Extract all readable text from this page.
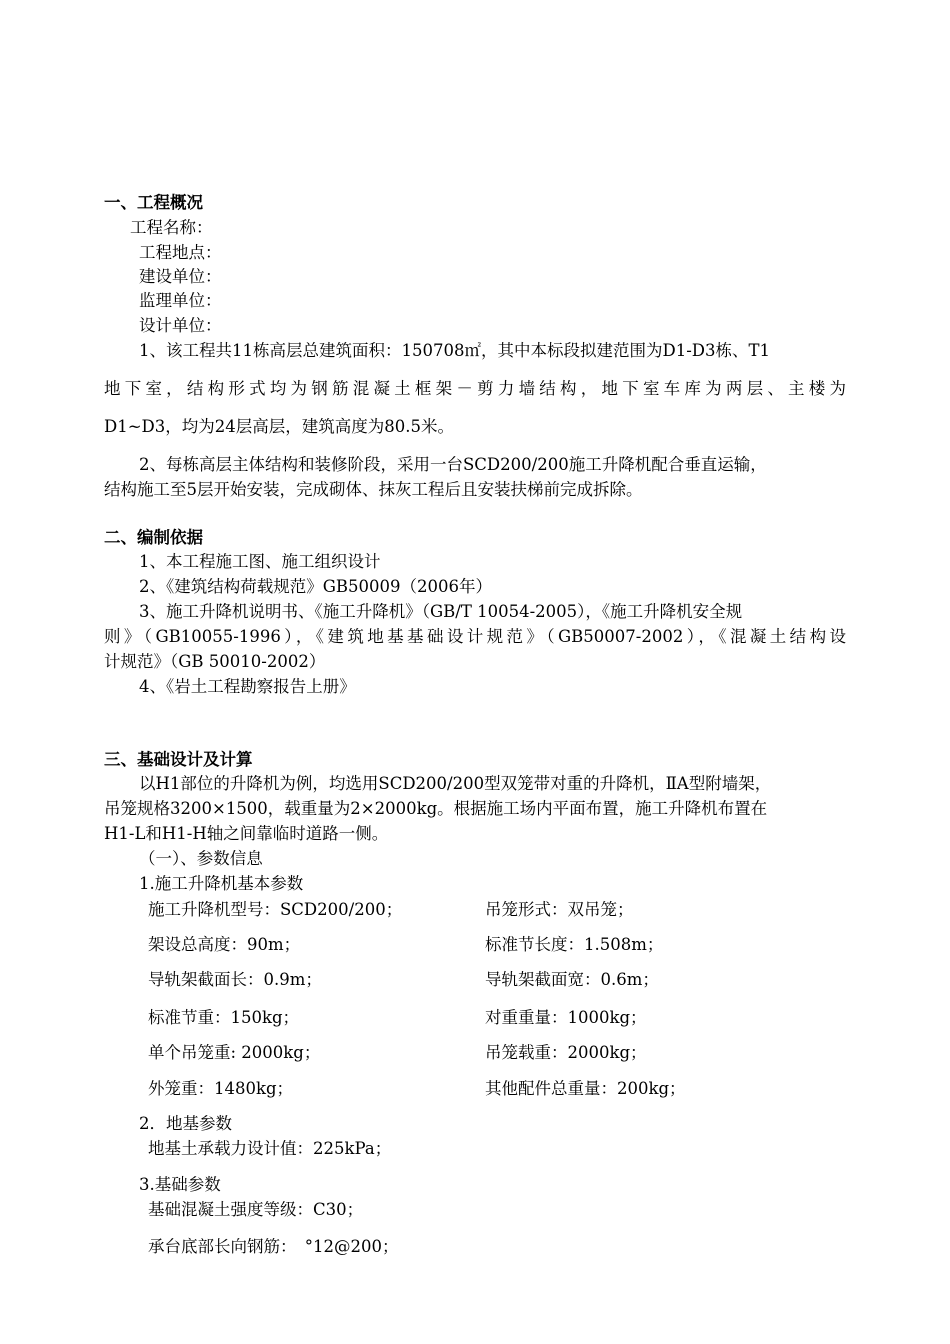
一、工程概况
工程名称：
工程地点：
建设单位：
监理单位：
设计单位：
1、该工程共11栋高层总建筑面积：150708㎡，其中本标段拟建范围为D1-D3栋、T1
地下室，结构形式均为钢筋混凝土框架－剪力墙结构，地下室车库为两层、主楼为
D1~D3，均为24层高层，建筑高度为80.5米。
2、每栋高层主体结构和装修阶段，采用一台SCD200/200施工升降机配合垂直运输，
结构施工至5层开始安装，完成砌体、抹灰工程后且安装扶梯前完成拆除。
二、编制依据
1、本工程施工图、施工组织设计
2、《建筑结构荷载规范》GB50009（2006年）
3、施工升降机说明书、《施工升降机》（GB/T 10054-2005），《施工升降机安全规
则》（GB10055-1996），《建筑地基基础设计规范》（GB50007-2002），《混凝土结构设
计规范》（GB 50010-2002）
4、《岩土工程勘察报告上册》
三、基础设计及计算
以H1部位的升降机为例，均选用SCD200/200型双笼带对重的升降机，ⅡA型附墙架，
吊笼规格3200×1500，载重量为2×2000kg。根据施工场内平面布置，施工升降机布置在
H1-L和H1-H轴之间靠临时道路一侧。
（一）、参数信息
1.施工升降机基本参数
施工升降机型号：SCD200/200；	吊笼形式：双吊笼；
架设总高度：90m；	标准节长度：1.508m；
导轨架截面长：0.9m；	导轨架截面宽：0.6m；
标准节重：150kg；	对重重量：1000kg；
单个吊笼重: 2000kg；	吊笼载重：2000kg；
外笼重：1480kg；	其他配件总重量：200kg；
2．地基参数
地基土承载力设计值：225kPa；
3.基础参数
基础混凝土强度等级：C30；
承台底部长向钢筋：　°12@200；
